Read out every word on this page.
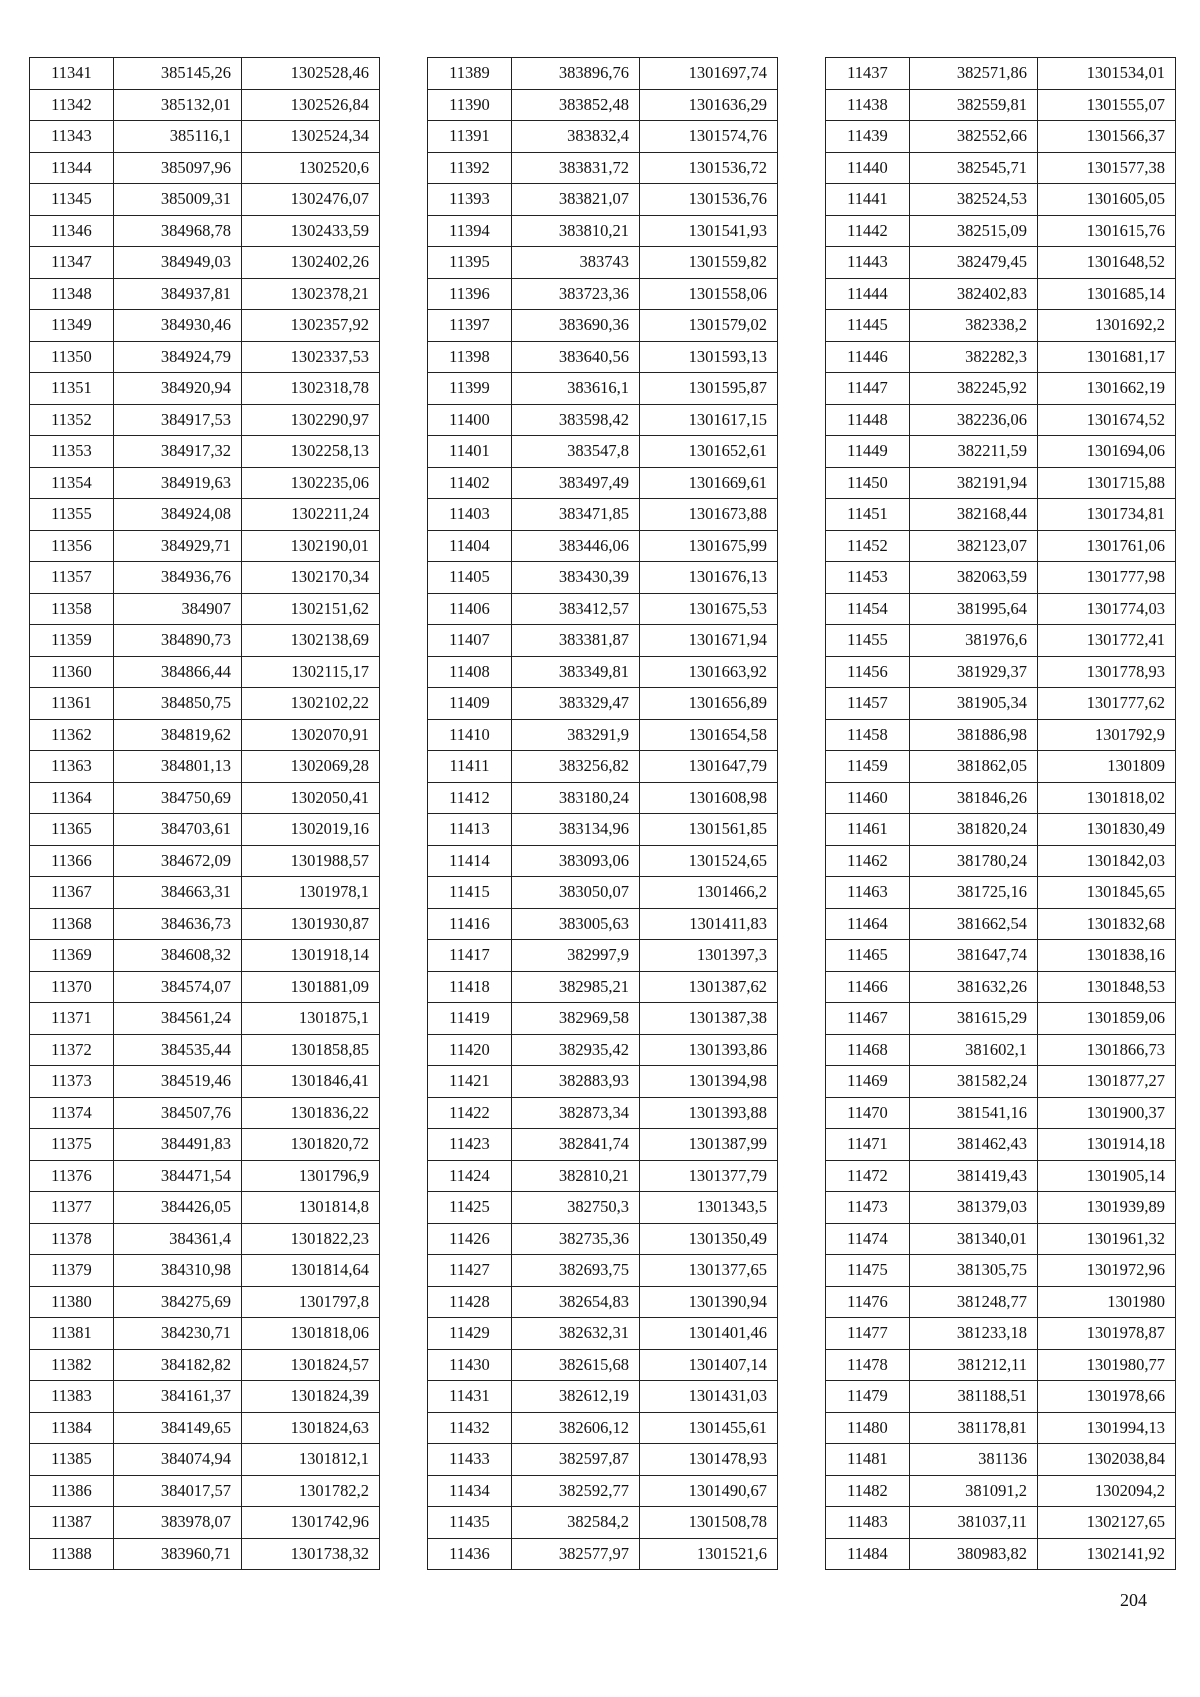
11341	385145,26	1302528,46
11342	385132,01	1302526,84
11343	385116,1	1302524,34
11344	385097,96	1302520,6
11345	385009,31	1302476,07
11346	384968,78	1302433,59
11347	384949,03	1302402,26
11348	384937,81	1302378,21
11349	384930,46	1302357,92
11350	384924,79	1302337,53
11351	384920,94	1302318,78
11352	384917,53	1302290,97
11353	384917,32	1302258,13
11354	384919,63	1302235,06
11355	384924,08	1302211,24
11356	384929,71	1302190,01
11357	384936,76	1302170,34
11358	384907	1302151,62
11359	384890,73	1302138,69
11360	384866,44	1302115,17
11361	384850,75	1302102,22
11362	384819,62	1302070,91
11363	384801,13	1302069,28
11364	384750,69	1302050,41
11365	384703,61	1302019,16
11366	384672,09	1301988,57
11367	384663,31	1301978,1
11368	384636,73	1301930,87
11369	384608,32	1301918,14
11370	384574,07	1301881,09
11371	384561,24	1301875,1
11372	384535,44	1301858,85
11373	384519,46	1301846,41
11374	384507,76	1301836,22
11375	384491,83	1301820,72
11376	384471,54	1301796,9
11377	384426,05	1301814,8
11378	384361,4	1301822,23
11379	384310,98	1301814,64
11380	384275,69	1301797,8
11381	384230,71	1301818,06
11382	384182,82	1301824,57
11383	384161,37	1301824,39
11384	384149,65	1301824,63
11385	384074,94	1301812,1
11386	384017,57	1301782,2
11387	383978,07	1301742,96
11388	383960,71	1301738,32
11389	383896,76	1301697,74
11390	383852,48	1301636,29
11391	383832,4	1301574,76
11392	383831,72	1301536,72
11393	383821,07	1301536,76
11394	383810,21	1301541,93
11395	383743	1301559,82
11396	383723,36	1301558,06
11397	383690,36	1301579,02
11398	383640,56	1301593,13
11399	383616,1	1301595,87
11400	383598,42	1301617,15
11401	383547,8	1301652,61
11402	383497,49	1301669,61
11403	383471,85	1301673,88
11404	383446,06	1301675,99
11405	383430,39	1301676,13
11406	383412,57	1301675,53
11407	383381,87	1301671,94
11408	383349,81	1301663,92
11409	383329,47	1301656,89
11410	383291,9	1301654,58
11411	383256,82	1301647,79
11412	383180,24	1301608,98
11413	383134,96	1301561,85
11414	383093,06	1301524,65
11415	383050,07	1301466,2
11416	383005,63	1301411,83
11417	382997,9	1301397,3
11418	382985,21	1301387,62
11419	382969,58	1301387,38
11420	382935,42	1301393,86
11421	382883,93	1301394,98
11422	382873,34	1301393,88
11423	382841,74	1301387,99
11424	382810,21	1301377,79
11425	382750,3	1301343,5
11426	382735,36	1301350,49
11427	382693,75	1301377,65
11428	382654,83	1301390,94
11429	382632,31	1301401,46
11430	382615,68	1301407,14
11431	382612,19	1301431,03
11432	382606,12	1301455,61
11433	382597,87	1301478,93
11434	382592,77	1301490,67
11435	382584,2	1301508,78
11436	382577,97	1301521,6
11437	382571,86	1301534,01
11438	382559,81	1301555,07
11439	382552,66	1301566,37
11440	382545,71	1301577,38
11441	382524,53	1301605,05
11442	382515,09	1301615,76
11443	382479,45	1301648,52
11444	382402,83	1301685,14
11445	382338,2	1301692,2
11446	382282,3	1301681,17
11447	382245,92	1301662,19
11448	382236,06	1301674,52
11449	382211,59	1301694,06
11450	382191,94	1301715,88
11451	382168,44	1301734,81
11452	382123,07	1301761,06
11453	382063,59	1301777,98
11454	381995,64	1301774,03
11455	381976,6	1301772,41
11456	381929,37	1301778,93
11457	381905,34	1301777,62
11458	381886,98	1301792,9
11459	381862,05	1301809
11460	381846,26	1301818,02
11461	381820,24	1301830,49
11462	381780,24	1301842,03
11463	381725,16	1301845,65
11464	381662,54	1301832,68
11465	381647,74	1301838,16
11466	381632,26	1301848,53
11467	381615,29	1301859,06
11468	381602,1	1301866,73
11469	381582,24	1301877,27
11470	381541,16	1301900,37
11471	381462,43	1301914,18
11472	381419,43	1301905,14
11473	381379,03	1301939,89
11474	381340,01	1301961,32
11475	381305,75	1301972,96
11476	381248,77	1301980
11477	381233,18	1301978,87
11478	381212,11	1301980,77
11479	381188,51	1301978,66
11480	381178,81	1301994,13
11481	381136	1302038,84
11482	381091,2	1302094,2
11483	381037,11	1302127,65
11484	380983,82	1302141,92
204
